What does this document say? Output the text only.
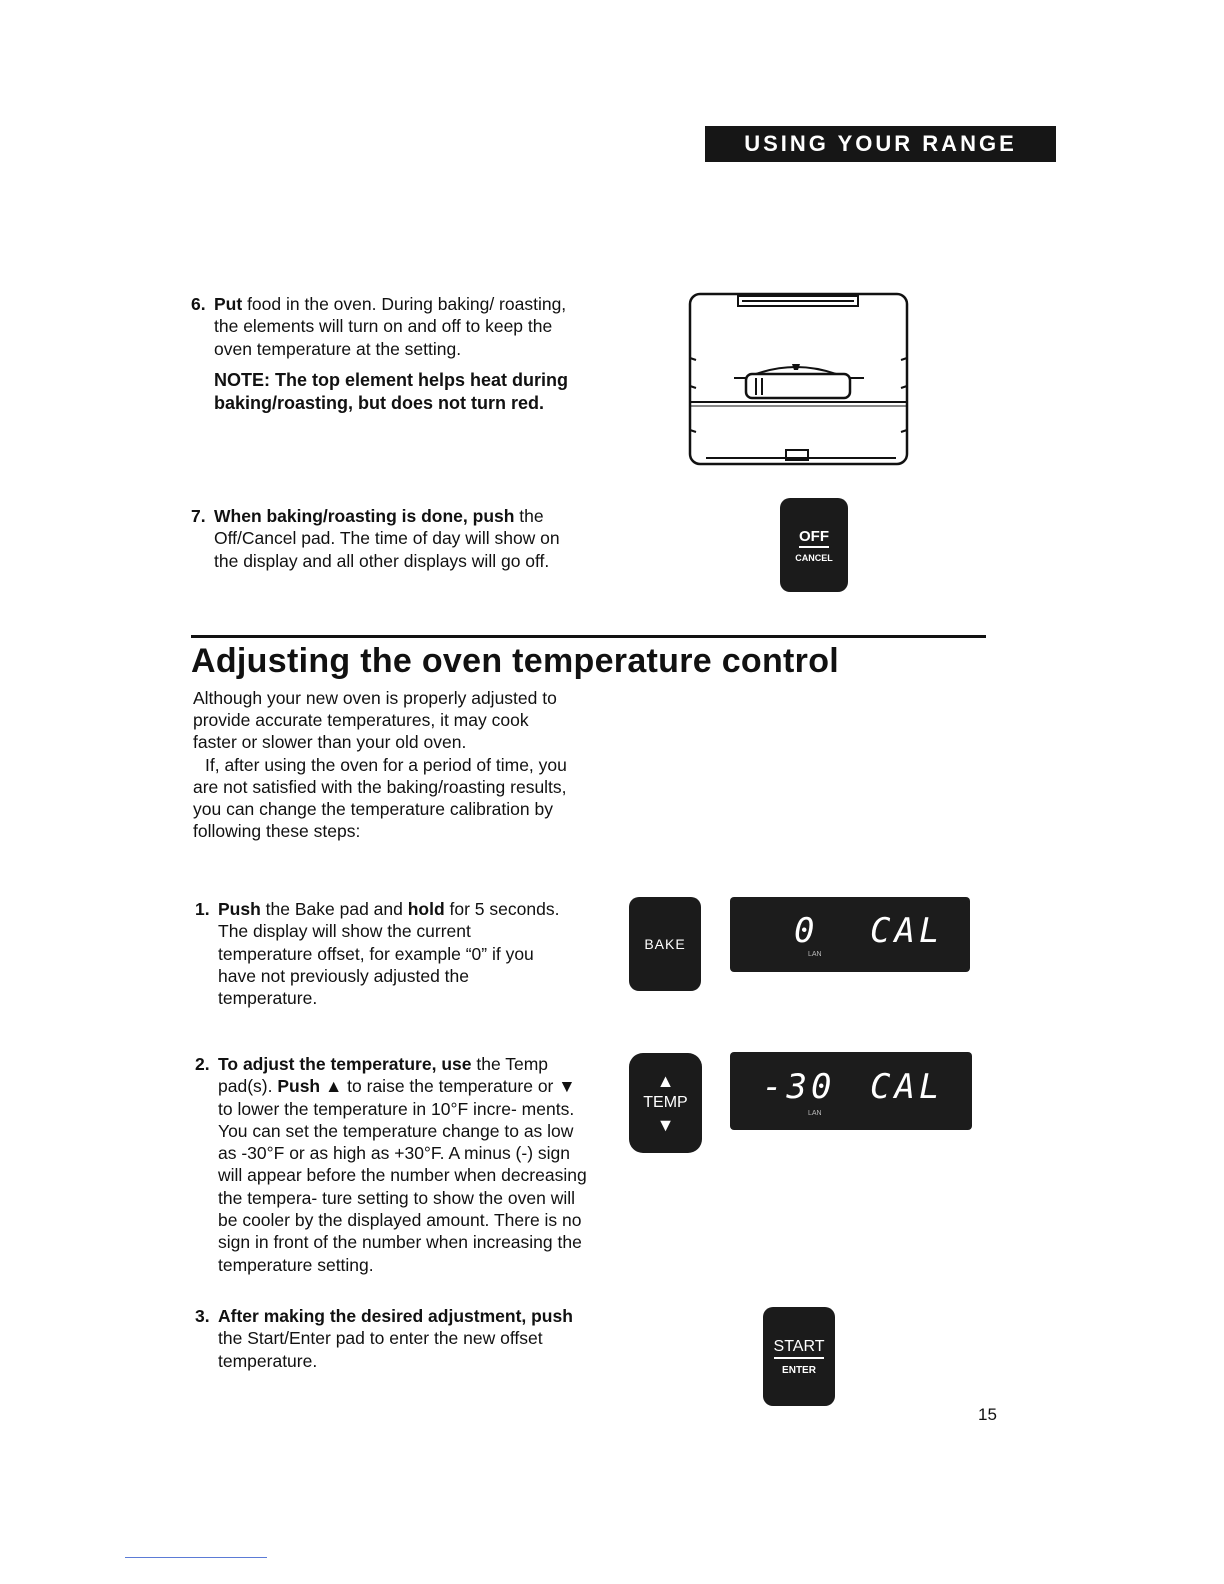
USING YOUR RANGE
6. Put food in the oven. During baking/ roasting, the elements will turn on and off to keep the oven temperature at the setting.
NOTE: The top element helps heat during baking/roasting, but does not turn red.
7. When baking/roasting is done, push the Off/Cancel pad. The time of day will show on the display and all other displays will go off.
OFF
CANCEL
Adjusting the oven temperature control
Although your new oven is properly adjusted to provide accurate temperatures, it may cook faster or slower than your old oven.
If, after using the oven for a period of time, you are not satisfied with the baking/roasting results, you can change the temperature calibration by following these steps:
1. Push the Bake pad and hold for 5 seconds. The display will show the current temperature offset, for example “0” if you have not previously adjusted the temperature.
BAKE	0
LAN
CAL
2. To adjust the temperature, use the Temp pad(s). Push ▲ to raise the temperature or ▼ to lower the temperature in 10°F incre- ments. You can set the temperature change to as low as -30°F or as high as +30°F. A minus (-) sign will appear before the number when decreasing the tempera- ture setting to show the oven will be cooler by the displayed amount. There is no sign in front of the number when increasing the temperature setting.
▲
TEMP
▼
-30
LAN
CAL
3. After making the desired adjustment, push the Start/Enter pad to enter the new offset temperature.
START
ENTER
15
